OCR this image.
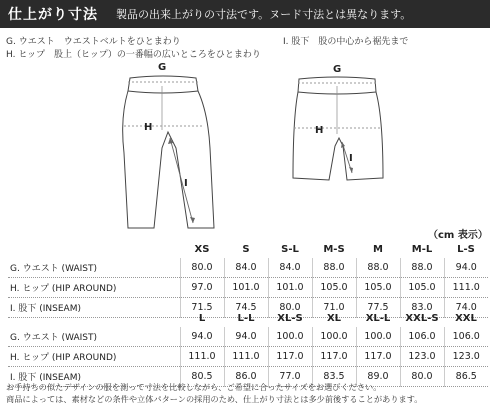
仕上がり寸法 製品の出来上がりの寸法です。ヌード寸法とは異なります。
G. ウエスト　ウエストベルトをひとまわり
H. ヒップ　股上（ヒップ）の一番幅の広いところをひとまわり
I. 股下　股の中心から裾先まで
G
H
I
G
H
I
（cm 表示）
	XS	S	S-L	M-S	M	M-L	L-S
G. ウエスト (WAIST)	80.0	84.0	84.0	88.0	88.0	88.0	94.0
H. ヒップ (HIP AROUND)	97.0	101.0	101.0	105.0	105.0	105.0	111.0
I. 股下 (INSEAM)	71.5	74.5	80.0	71.0	77.5	83.0	74.0
	L	L-L	XL-S	XL	XL-L	XXL-S	XXL
G. ウエスト (WAIST)	94.0	94.0	100.0	100.0	100.0	106.0	106.0
H. ヒップ (HIP AROUND)	111.0	111.0	117.0	117.0	117.0	123.0	123.0
I. 股下 (INSEAM)	80.5	86.0	77.0	83.5	89.0	80.0	86.5
お手持ちの似たデザインの服を測って寸法を比較しながら、ご希望に合ったサイズをお選びください。
商品によっては、素材などの条件や立体パターンの採用のため、仕上がり寸法とは多少前後することがあります。
